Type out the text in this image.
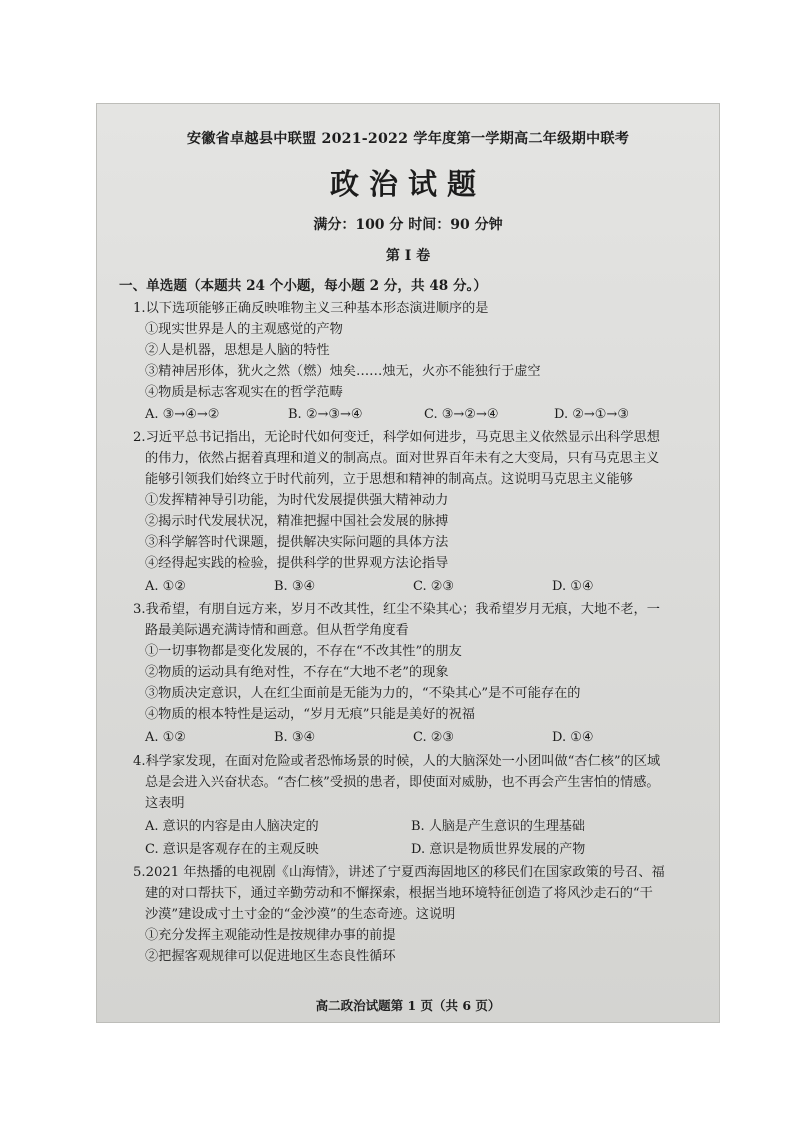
安徽省卓越县中联盟 2021-2022 学年度第一学期高二年级期中联考
政治试题
满分：100 分 时间：90 分钟
第 I 卷
一、单选题（本题共 24 个小题，每小题 2 分，共 48 分。）
1.以下选项能够正确反映唯物主义三种基本形态演进顺序的是
①现实世界是人的主观感觉的产物
②人是机器，思想是人脑的特性
③精神居形体，犹火之然（燃）烛矣……烛无，火亦不能独行于虚空
④物质是标志客观实在的哲学范畴
A. ③→④→②	B. ②→③→④	C. ③→②→④	D. ②→①→③
2.习近平总书记指出，无论时代如何变迁，科学如何进步，马克思主义依然显示出科学思想
的伟力，依然占据着真理和道义的制高点。面对世界百年未有之大变局，只有马克思主义
能够引领我们始终立于时代前列，立于思想和精神的制高点。这说明马克思主义能够
①发挥精神导引功能，为时代发展提供强大精神动力
②揭示时代发展状况，精准把握中国社会发展的脉搏
③科学解答时代课题，提供解决实际问题的具体方法
④经得起实践的检验，提供科学的世界观方法论指导
A. ①②	B. ③④	C. ②③	D. ①④
3.我希望，有朋自远方来，岁月不改其性，红尘不染其心；我希望岁月无痕，大地不老，一
路最美际遇充满诗情和画意。但从哲学角度看
①一切事物都是变化发展的，不存在“不改其性”的朋友
②物质的运动具有绝对性，不存在“大地不老”的现象
③物质决定意识，人在红尘面前是无能为力的，“不染其心”是不可能存在的
④物质的根本特性是运动，“岁月无痕”只能是美好的祝福
A. ①②	B. ③④	C. ②③	D. ①④
4.科学家发现，在面对危险或者恐怖场景的时候，人的大脑深处一小团叫做“杏仁核”的区域
总是会进入兴奋状态。“杏仁核”受损的患者，即使面对威胁，也不再会产生害怕的情感。
这表明
A. 意识的内容是由人脑决定的	B. 人脑是产生意识的生理基础
C. 意识是客观存在的主观反映	D. 意识是物质世界发展的产物
5.2021 年热播的电视剧《山海情》，讲述了宁夏西海固地区的移民们在国家政策的号召、福
建的对口帮扶下，通过辛勤劳动和不懈探索，根据当地环境特征创造了将风沙走石的“干
沙漠”建设成寸土寸金的“金沙漠”的生态奇迹。这说明
①充分发挥主观能动性是按规律办事的前提
②把握客观规律可以促进地区生态良性循环
高二政治试题第 1 页（共 6 页）
